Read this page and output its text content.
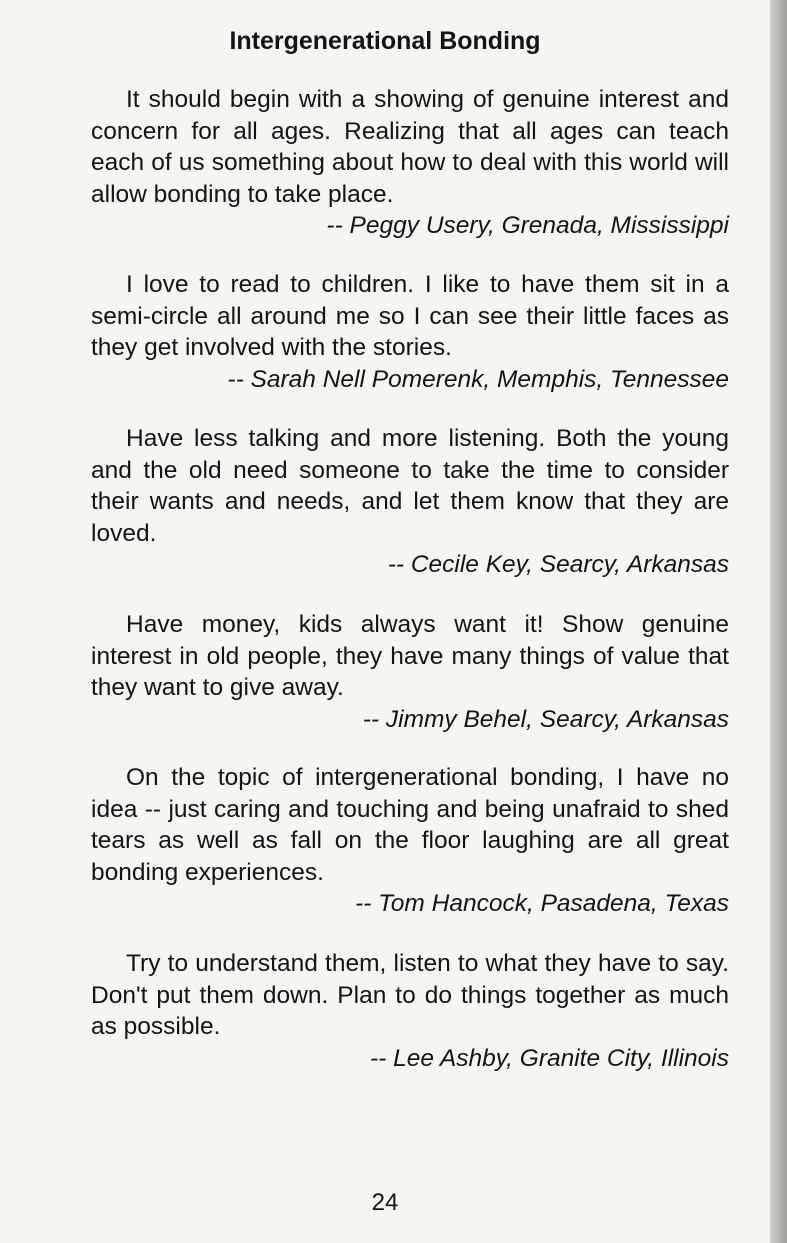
Intergenerational Bonding

It should begin with a showing of genuine interest and concern for all ages. Realizing that all ages can teach each of us something about how to deal with this world will allow bonding to take place.

-- Peggy Usery, Grenada, Mississippi

I love to read to children. I like to have them sit in a semi-circle all around me so I can see their little faces as they get involved with the stories.

-- Sarah Nell Pomerenk, Memphis, Tennessee

Have less talking and more listening. Both the young and the old need someone to take the time to consider their wants and needs, and let them know that they are loved.

-- Cecile Key, Searcy, Arkansas

Have money, kids always want it! Show genuine interest in old people, they have many things of value that they want to give away.

-- Jimmy Behel, Searcy, Arkansas

On the topic of intergenerational bonding, I have no idea -- just caring and touching and being unafraid to shed tears as well as fall on the floor laughing are all great bonding experiences.

-- Tom Hancock, Pasadena, Texas

Try to understand them, listen to what they have to say. Don't put them down. Plan to do things together as much as possible.

-- Lee Ashby, Granite City, Illinois
24
